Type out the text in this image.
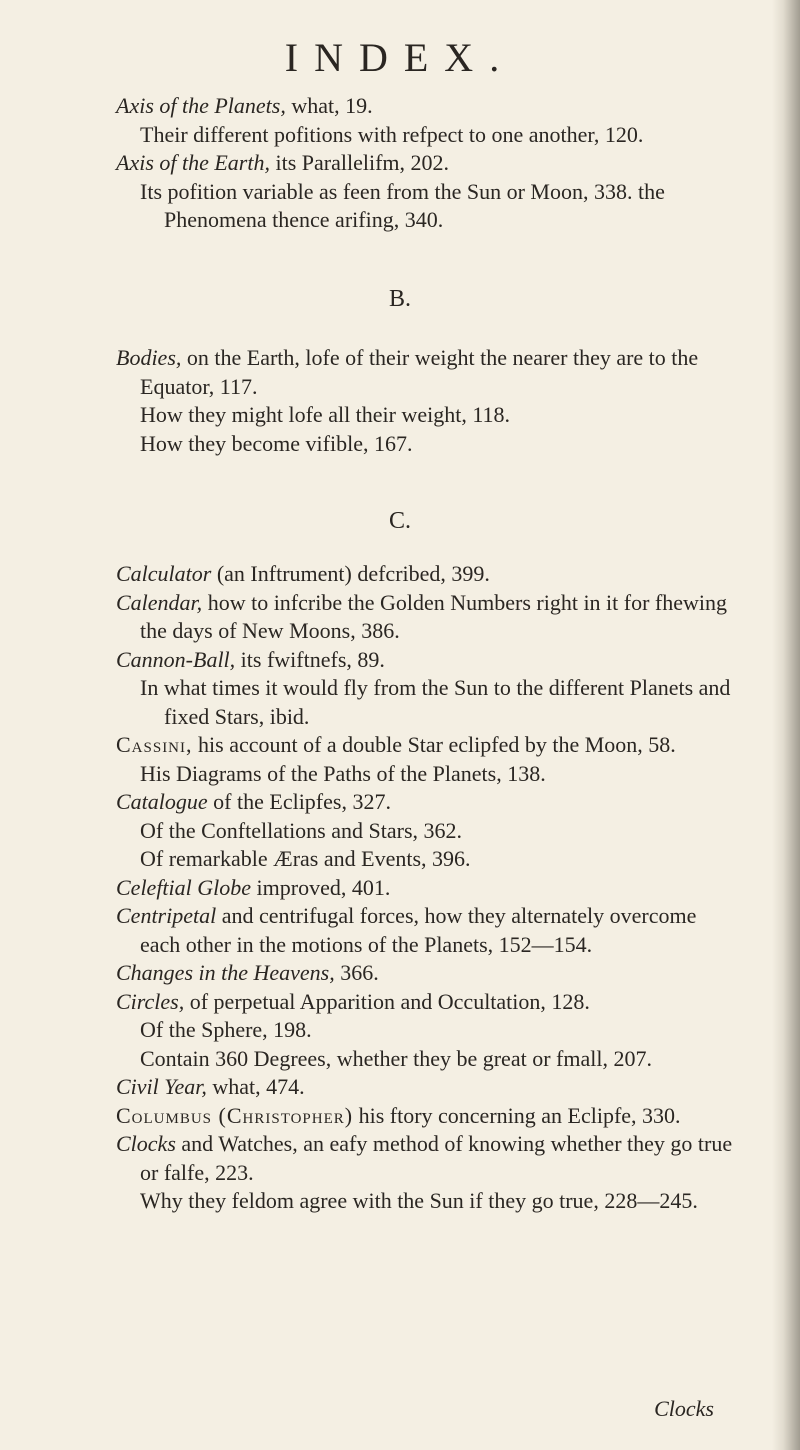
INDEX.
Axis of the Planets, what, 19.
Their different pofitions with refpect to one another, 120.
Axis of the Earth, its Parallelifm, 202.
Its pofition variable as feen from the Sun or Moon, 338. the Phenomena thence arifing, 340.
B.
Bodies, on the Earth, lofe of their weight the nearer they are to the Equator, 117.
How they might lofe all their weight, 118.
How they become vifible, 167.
C.
Calculator (an Inftrument) defcribed, 399.
Calendar, how to infcribe the Golden Numbers right in it for fhewing the days of New Moons, 386.
Cannon-Ball, its fwiftnefs, 89.
In what times it would fly from the Sun to the different Planets and fixed Stars, ibid.
Cassini, his account of a double Star eclipfed by the Moon, 58.
His Diagrams of the Paths of the Planets, 138.
Catalogue of the Eclipfes, 327.
Of the Conftellations and Stars, 362.
Of remarkable Æras and Events, 396.
Celeftial Globe improved, 401.
Centripetal and centrifugal forces, how they alternately overcome each other in the motions of the Planets, 152—154.
Changes in the Heavens, 366.
Circles, of perpetual Apparition and Occultation, 128.
Of the Sphere, 198.
Contain 360 Degrees, whether they be great or fmall, 207.
Civil Year, what, 474.
Columbus (Christopher) his ftory concerning an Eclipfe, 330.
Clocks and Watches, an eafy method of knowing whether they go true or falfe, 223.
Why they feldom agree with the Sun if they go true, 228—245.
Clocks
